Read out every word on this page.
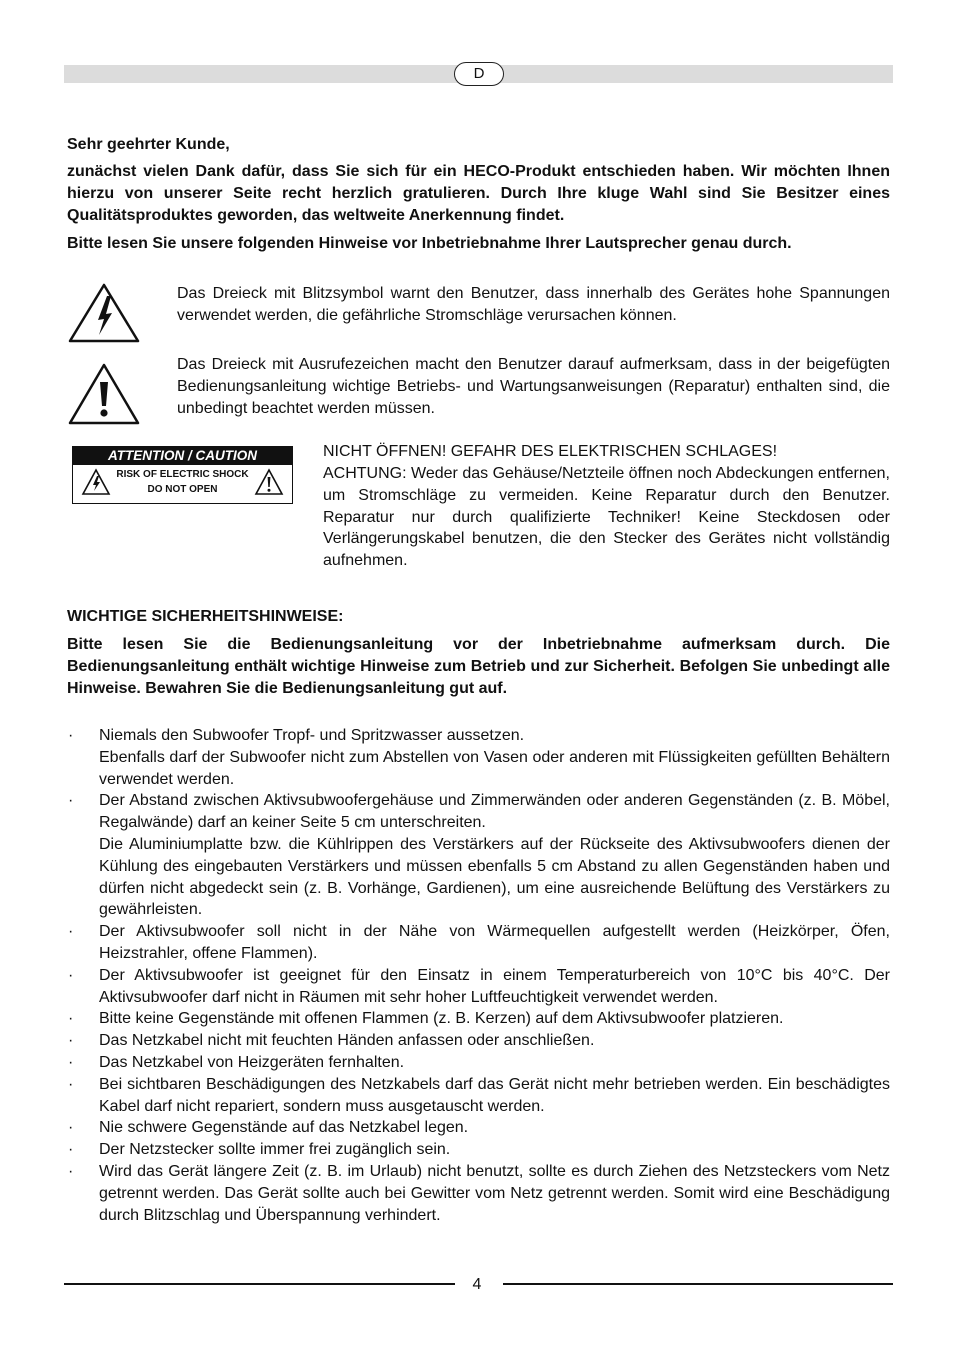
D

Sehr geehrter Kunde,

zunächst vielen Dank dafür, dass Sie sich für ein HECO-Produkt entschieden haben. Wir möchten Ihnen hierzu von unserer Seite recht herzlich gratulieren. Durch Ihre kluge Wahl sind Sie Besitzer eines Qualitätsproduktes geworden, das weltweite Anerkennung findet.

Bitte lesen Sie unsere folgenden Hinweise vor Inbetriebnahme Ihrer Lautsprecher genau durch.

Das Dreieck mit Blitzsymbol warnt den Benutzer, dass innerhalb des Gerätes hohe Spannungen verwendet werden, die gefährliche Stromschläge verursachen können.

Das Dreieck mit Ausrufezeichen macht den Benutzer darauf aufmerksam, dass in der beigefügten Bedienungsanleitung wichtige Betriebs- und Wartungsanweisungen (Reparatur) enthalten sind, die unbedingt beachtet werden müssen.

ATTENTION / CAUTION
RISK OF ELECTRIC SHOCK
DO NOT OPEN

NICHT ÖFFNEN! GEFAHR DES ELEKTRISCHEN SCHLAGES!

ACHTUNG: Weder das Gehäuse/Netzteile öffnen noch Abdeckungen entfernen, um Stromschläge zu vermeiden. Keine Reparatur durch den Benutzer. Reparatur nur durch qualifizierte Techniker! Keine Steckdosen oder Verlängerungskabel benutzen, die den Stecker des Gerätes nicht vollständig aufnehmen.

WICHTIGE SICHERHEITSHINWEISE:

Bitte lesen Sie die Bedienungsanleitung vor der Inbetriebnahme aufmerksam durch. Die Bedienungsanleitung enthält wichtige Hinweise zum Betrieb und zur Sicherheit. Befolgen Sie unbedingt alle Hinweise. Bewahren Sie die Bedienungsanleitung gut auf.

· Niemals den Subwoofer Tropf- und Spritzwasser aussetzen.
Ebenfalls darf der Subwoofer nicht zum Abstellen von Vasen oder anderen mit Flüssigkeiten gefüllten Behältern verwendet werden.
· Der Abstand zwischen Aktivsubwoofergehäuse und Zimmerwänden oder anderen Gegenständen (z. B. Möbel, Regalwände) darf an keiner Seite 5 cm unterschreiten.
Die Aluminiumplatte bzw. die Kühlrippen des Verstärkers auf der Rückseite des Aktivsubwoofers dienen der Kühlung des eingebauten Verstärkers und müssen ebenfalls 5 cm Abstand zu allen Gegenständen haben und dürfen nicht abgedeckt sein (z. B. Vorhänge, Gardienen), um eine ausreichende Belüftung des Verstärkers zu gewährleisten.
· Der Aktivsubwoofer soll nicht in der Nähe von Wärmequellen aufgestellt werden (Heizkörper, Öfen, Heizstrahler, offene Flammen).
· Der Aktivsubwoofer ist geeignet für den Einsatz in einem Temperaturbereich von 10°C bis 40°C. Der Aktivsubwoofer darf nicht in Räumen mit sehr hoher Luftfeuchtigkeit verwendet werden.
· Bitte keine Gegenstände mit offenen Flammen (z. B. Kerzen) auf dem Aktivsubwoofer platzieren.
· Das Netzkabel nicht mit feuchten Händen anfassen oder anschließen.
· Das Netzkabel von Heizgeräten fernhalten.
· Bei sichtbaren Beschädigungen des Netzkabels darf das Gerät nicht mehr betrieben werden. Ein beschädigtes Kabel darf nicht repariert, sondern muss ausgetauscht werden.
· Nie schwere Gegenstände auf das Netzkabel legen.
· Der Netzstecker sollte immer frei zugänglich sein.
· Wird das Gerät längere Zeit (z. B. im Urlaub) nicht benutzt, sollte es durch Ziehen des Netzsteckers vom Netz getrennt werden. Das Gerät sollte auch bei Gewitter vom Netz getrennt werden. Somit wird eine Beschädigung durch Blitzschlag und Überspannung verhindert.
4
